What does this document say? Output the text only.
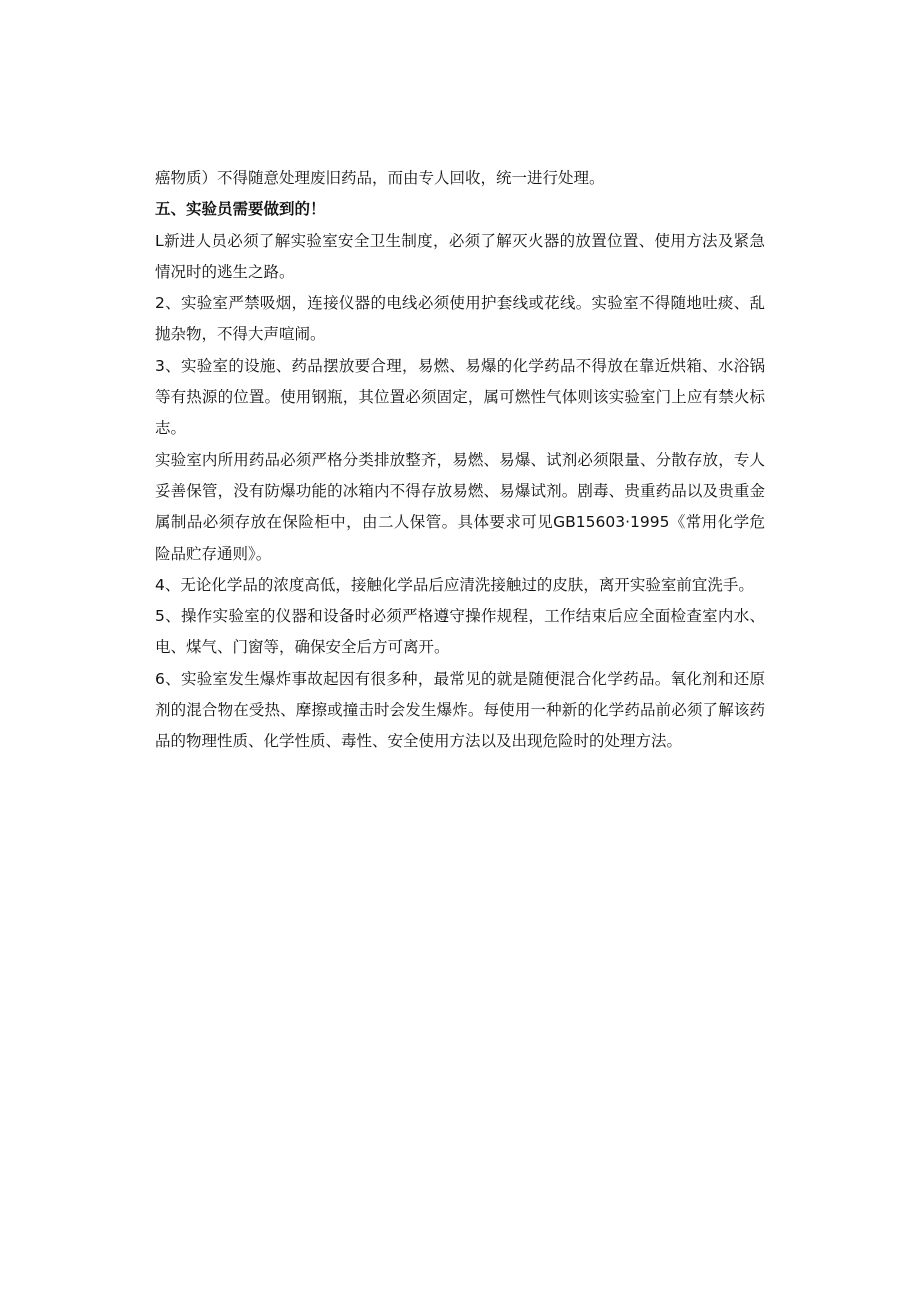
癌物质）不得随意处理废旧药品，而由专人回收，统一进行处理。

五、实验员需要做到的！

L新进人员必须了解实验室安全卫生制度，必须了解灭火器的放置位置、使用方法及紧急情况时的逃生之路。

2、实验室严禁吸烟，连接仪器的电线必须使用护套线或花线。实验室不得随地吐痰、乱抛杂物，不得大声喧闹。

3、实验室的设施、药品摆放要合理，易燃、易爆的化学药品不得放在靠近烘箱、水浴锅等有热源的位置。使用钢瓶，其位置必须固定，属可燃性气体则该实验室门上应有禁火标志。

实验室内所用药品必须严格分类排放整齐，易燃、易爆、试剂必须限量、分散存放，专人妥善保管，没有防爆功能的冰箱内不得存放易燃、易爆试剂。剧毒、贵重药品以及贵重金属制品必须存放在保险柜中，由二人保管。具体要求可见GB15603·1995《常用化学危险品贮存通则》。

4、无论化学品的浓度高低，接触化学品后应清洗接触过的皮肤，离开实验室前宜洗手。

5、操作实验室的仪器和设备时必须严格遵守操作规程，工作结束后应全面检查室内水、电、煤气、门窗等，确保安全后方可离开。

6、实验室发生爆炸事故起因有很多种，最常见的就是随便混合化学药品。氧化剂和还原剂的混合物在受热、摩擦或撞击时会发生爆炸。每使用一种新的化学药品前必须了解该药品的物理性质、化学性质、毒性、安全使用方法以及出现危险时的处理方法。
